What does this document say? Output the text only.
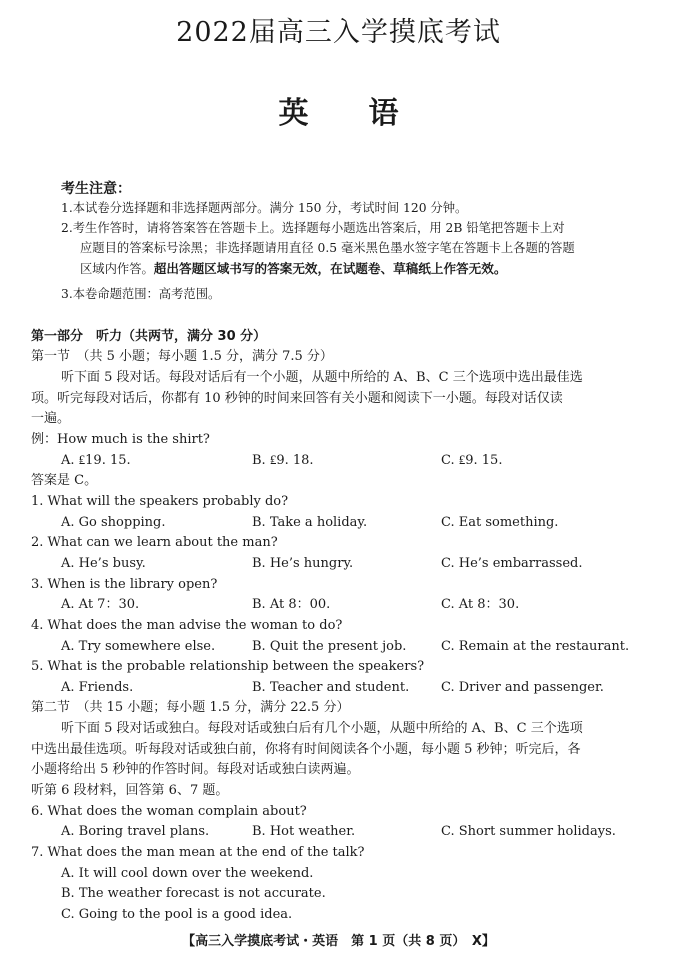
2022届高三入学摸底考试
英 语
考生注意：
1.本试卷分选择题和非选择题两部分。满分 150 分，考试时间 120 分钟。
2.考生作答时，请将答案答在答题卡上。选择题每小题选出答案后，用 2B 铅笔把答题卡上对
应题目的答案标号涂黑；非选择题请用直径 0.5 毫米黑色墨水签字笔在答题卡上各题的答题
区域内作答。超出答题区域书写的答案无效，在试题卷、草稿纸上作答无效。
3.本卷命题范围：高考范围。
第一部分　听力（共两节，满分 30 分）
第一节　（共 5 小题；每小题 1.5 分，满分 7.5 分）
听下面 5 段对话。每段对话后有一个小题，从题中所给的 A、B、C 三个选项中选出最佳选
项。听完每段对话后，你都有 10 秒钟的时间来回答有关小题和阅读下一小题。每段对话仅读
一遍。
例：How much is the shirt?
A. ₤19. 15.	B. ₤9. 18.	C. ₤9. 15.
答案是 C。
1. What will the speakers probably do?
A. Go shopping.	B. Take a holiday.	C. Eat something.
2. What can we learn about the man?
A. He’s busy.	B. He’s hungry.	C. He’s embarrassed.
3. When is the library open?
A. At 7：30.	B. At 8：00.	C. At 8：30.
4. What does the man advise the woman to do?
A. Try somewhere else.	B. Quit the present job.	C. Remain at the restaurant.
5. What is the probable relationship between the speakers?
A. Friends.	B. Teacher and student. C. Driver and passenger.
第二节　（共 15 小题；每小题 1.5 分，满分 22.5 分）
听下面 5 段对话或独白。每段对话或独白后有几个小题，从题中所给的 A、B、C 三个选项
中选出最佳选项。听每段对话或独白前，你将有时间阅读各个小题，每小题 5 秒钟；听完后，各
小题将给出 5 秒钟的作答时间。每段对话或独白读两遍。
听第 6 段材料，回答第 6、7 题。
6. What does the woman complain about?
A. Boring travel plans.	B. Hot weather.	C. Short summer holidays.
7. What does the man mean at the end of the talk?
A. It will cool down over the weekend.
B. The weather forecast is not accurate.
C. Going to the pool is a good idea.
【高三入学摸底考试・英语　第 1 页（共 8 页）　X】
